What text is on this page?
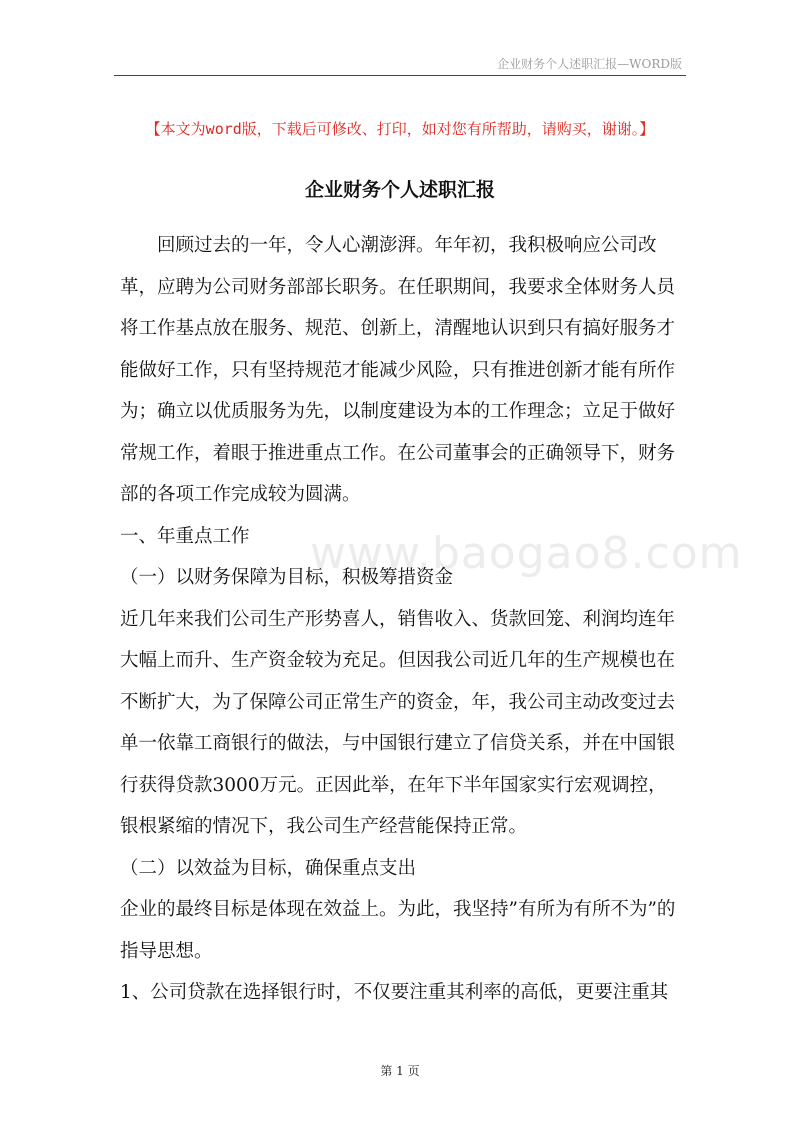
企业财务个人述职汇报—WORD版
【本文为word版，下载后可修改、打印，如对您有所帮助，请购买，谢谢。】
企业财务个人述职汇报
www.baogao8.com

回顾过去的一年，令人心潮澎湃。年年初，我积极响应公司改革，应聘为公司财务部部长职务。在任职期间，我要求全体财务人员将工作基点放在服务、规范、创新上，清醒地认识到只有搞好服务才能做好工作，只有坚持规范才能减少风险，只有推进创新才能有所作为；确立以优质服务为先，以制度建设为本的工作理念；立足于做好常规工作，着眼于推进重点工作。在公司董事会的正确领导下，财务部的各项工作完成较为圆满。

一、年重点工作

（一）以财务保障为目标，积极筹措资金

近几年来我们公司生产形势喜人，销售收入、货款回笼、利润均连年大幅上而升、生产资金较为充足。但因我公司近几年的生产规模也在不断扩大，为了保障公司正常生产的资金，年，我公司主动改变过去单一依靠工商银行的做法，与中国银行建立了信贷关系，并在中国银行获得贷款3000万元。正因此举，在年下半年国家实行宏观调控，银根紧缩的情况下，我公司生产经营能保持正常。

（二）以效益为目标，确保重点支出

企业的最终目标是体现在效益上。为此，我坚持”有所为有所不为”的指导思想。

1、公司贷款在选择银行时，不仅要注重其利率的高低，更要注重其

第 1 页
